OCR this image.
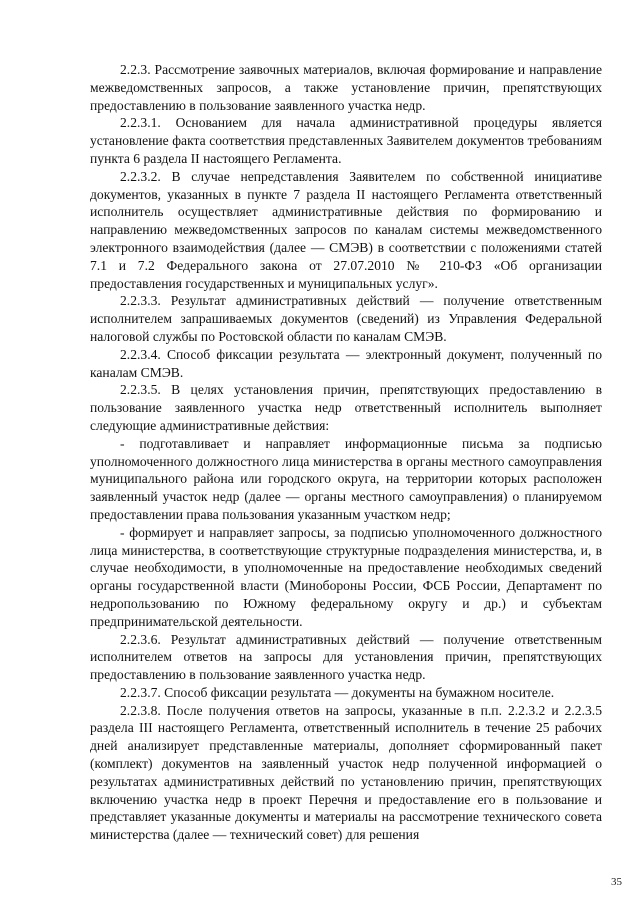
2.2.3. Рассмотрение заявочных материалов, включая формирование и направление межведомственных запросов, а также установление причин, препятствующих предоставлению в пользование заявленного участка недр.

2.2.3.1. Основанием для начала административной процедуры является установление факта соответствия представленных Заявителем документов требованиям пункта 6 раздела II настоящего Регламента.

2.2.3.2. В случае непредставления Заявителем по собственной инициативе документов, указанных в пункте 7 раздела II настоящего Регламента ответственный исполнитель осуществляет административные действия по формированию и направлению межведомственных запросов по каналам системы межведомственного электронного взаимодействия (далее — СМЭВ) в соответствии с положениями статей 7.1 и 7.2 Федерального закона от 27.07.2010 № 210-ФЗ «Об организации предоставления государственных и муниципальных услуг».

2.2.3.3. Результат административных действий — получение ответственным исполнителем запрашиваемых документов (сведений) из Управления Федеральной налоговой службы по Ростовской области по каналам СМЭВ.

2.2.3.4. Способ фиксации результата — электронный документ, полученный по каналам СМЭВ.

2.2.3.5. В целях установления причин, препятствующих предоставлению в пользование заявленного участка недр ответственный исполнитель выполняет следующие административные действия:

- подготавливает и направляет информационные письма за подписью уполномоченного должностного лица министерства в органы местного самоуправления муниципального района или городского округа, на территории которых расположен заявленный участок недр (далее — органы местного самоуправления) о планируемом предоставлении права пользования указанным участком недр;

- формирует и направляет запросы, за подписью уполномоченного должностного лица министерства, в соответствующие структурные подразделения министерства, и, в случае необходимости, в уполномоченные на предоставление необходимых сведений органы государственной власти (Минобороны России, ФСБ России, Департамент по недропользованию по Южному федеральному округу и др.) и субъектам предпринимательской деятельности.

2.2.3.6. Результат административных действий — получение ответственным исполнителем ответов на запросы для установления причин, препятствующих предоставлению в пользование заявленного участка недр.

2.2.3.7. Способ фиксации результата — документы на бумажном носителе.

2.2.3.8. После получения ответов на запросы, указанные в п.п. 2.2.3.2 и 2.2.3.5 раздела III настоящего Регламента, ответственный исполнитель в течение 25 рабочих дней анализирует представленные материалы, дополняет сформированный пакет (комплект) документов на заявленный участок недр полученной информацией о результатах административных действий по установлению причин, препятствующих включению участка недр в проект Перечня и предоставление его в пользование и представляет указанные документы и материалы на рассмотрение технического совета министерства (далее — технический совет) для решения

35
